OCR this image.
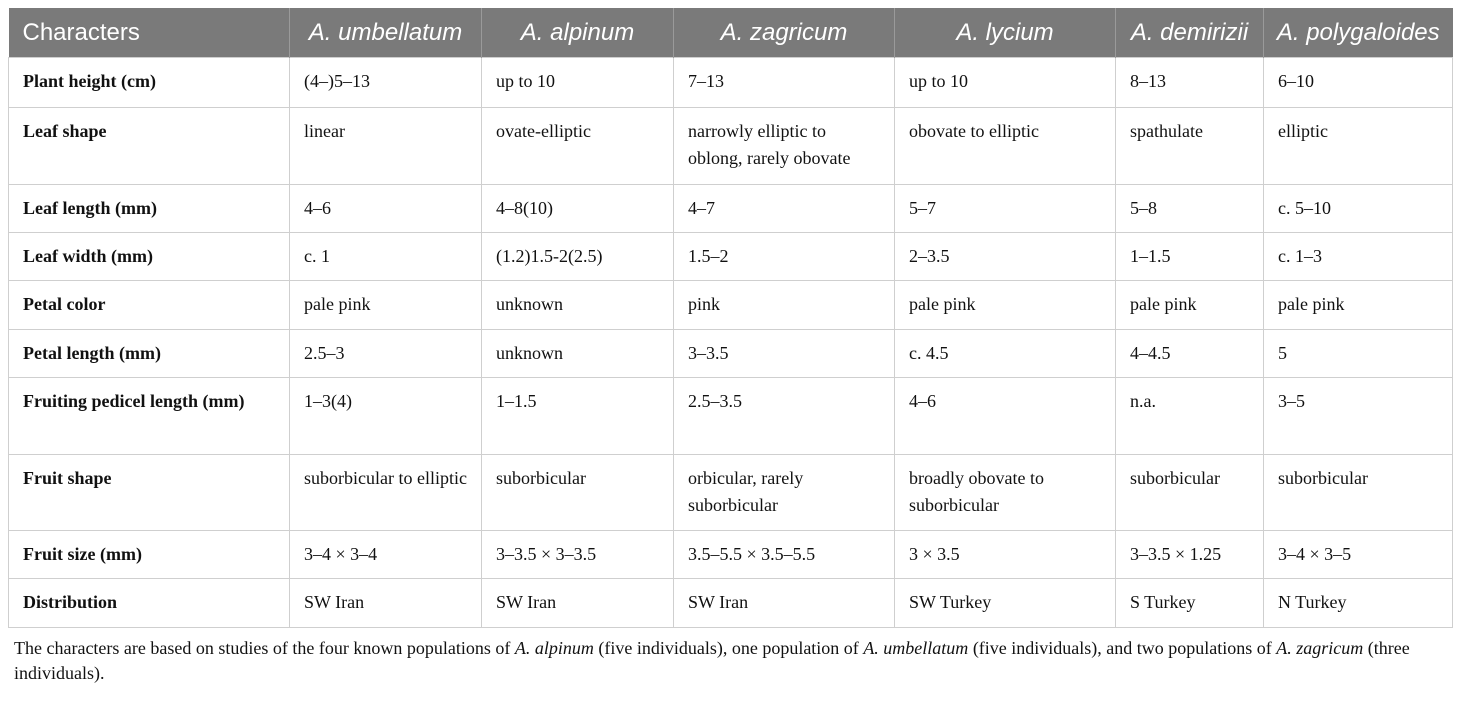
Characters	A. umbellatum	A. alpinum	A. zagricum	A. lycium	A. demirizii	A. polygaloides
Plant height (cm)	(4–)5–13	up to 10	7–13	up to 10	8–13	6–10
Leaf shape	linear	ovate-elliptic	narrowly elliptic to oblong, rarely obovate	obovate to elliptic	spathulate	elliptic
Leaf length (mm)	4–6	4–8(10)	4–7	5–7	5–8	c. 5–10
Leaf width (mm)	c. 1	(1.2)1.5-2(2.5)	1.5–2	2–3.5	1–1.5	c. 1–3
Petal color	pale pink	unknown	pink	pale pink	pale pink	pale pink
Petal length (mm)	2.5–3	unknown	3–3.5	c. 4.5	4–4.5	5
Fruiting pedicel length (mm)	1–3(4)	1–1.5	2.5–3.5	4–6	n.a.	3–5
Fruit shape	suborbicular to elliptic	suborbicular	orbicular, rarely suborbicular	broadly obovate to suborbicular	suborbicular	suborbicular
Fruit size (mm)	3–4 × 3–4	3–3.5 × 3–3.5	3.5–5.5 × 3.5–5.5	3 × 3.5	3–3.5 × 1.25	3–4 × 3–5
Distribution	SW Iran	SW Iran	SW Iran	SW Turkey	S Turkey	N Turkey

The characters are based on studies of the four known populations of A. alpinum (five individuals), one population of A. umbellatum (five individuals), and two populations of A. zagricum (three individuals).
